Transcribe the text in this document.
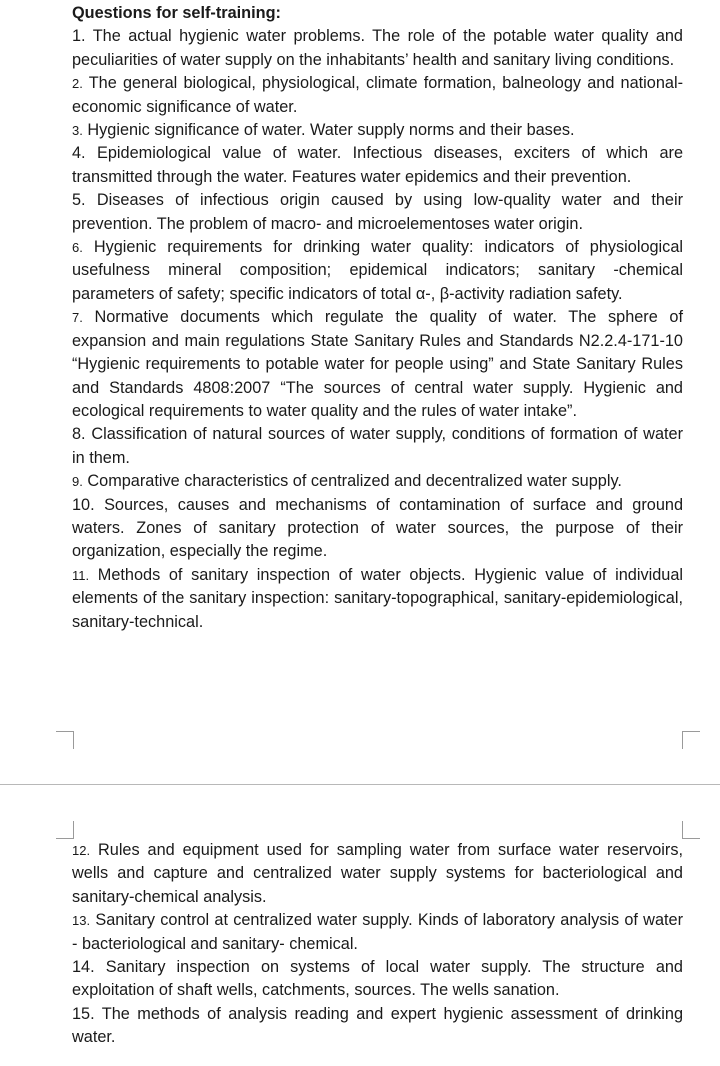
Questions for self-training:

1. The actual hygienic water problems. The role of the potable water quality and peculiarities of water supply on the inhabitants’ health and sanitary living conditions.

2. The general biological, physiological, climate formation, balneology and national-economic significance of water.

3. Hygienic significance of water. Water supply norms and their bases.

4. Epidemiological value of water. Infectious diseases, exciters of which are transmitted through the water. Features water epidemics and their prevention.

5. Diseases of infectious origin caused by using low-quality water and their prevention. The problem of macro- and microelementoses water origin.

6. Hygienic requirements for drinking water quality: indicators of physiological usefulness mineral composition; epidemical indicators; sanitary -chemical parameters of safety; specific indicators of total α-, β-activity radiation safety.

7. Normative documents which regulate the quality of water. The sphere of expansion and main regulations State Sanitary Rules and Standards N2.2.4-171-10 “Hygienic requirements to potable water for people using” and State Sanitary Rules and Standards 4808:2007 “The sources of central water supply. Hygienic and ecological requirements to water quality and the rules of water intake”.

8. Classification of natural sources of water supply, conditions of formation of water in them.

9. Comparative characteristics of centralized and decentralized water supply.

10. Sources, causes and mechanisms of contamination of surface and ground waters. Zones of sanitary protection of water sources, the purpose of their organization, especially the regime.

11. Methods of sanitary inspection of water objects. Hygienic value of individual elements of the sanitary inspection: sanitary-topographical, sanitary-epidemiological, sanitary-technical.

12. Rules and equipment used for sampling water from surface water reservoirs, wells and capture and centralized water supply systems for bacteriological and sanitary-chemical analysis.

13. Sanitary control at centralized water supply. Kinds of laboratory analysis of water - bacteriological and sanitary- chemical.

14. Sanitary inspection on systems of local water supply. The structure and exploitation of shaft wells, catchments, sources. The wells sanation.

15. The methods of analysis reading and expert hygienic assessment of drinking water.
